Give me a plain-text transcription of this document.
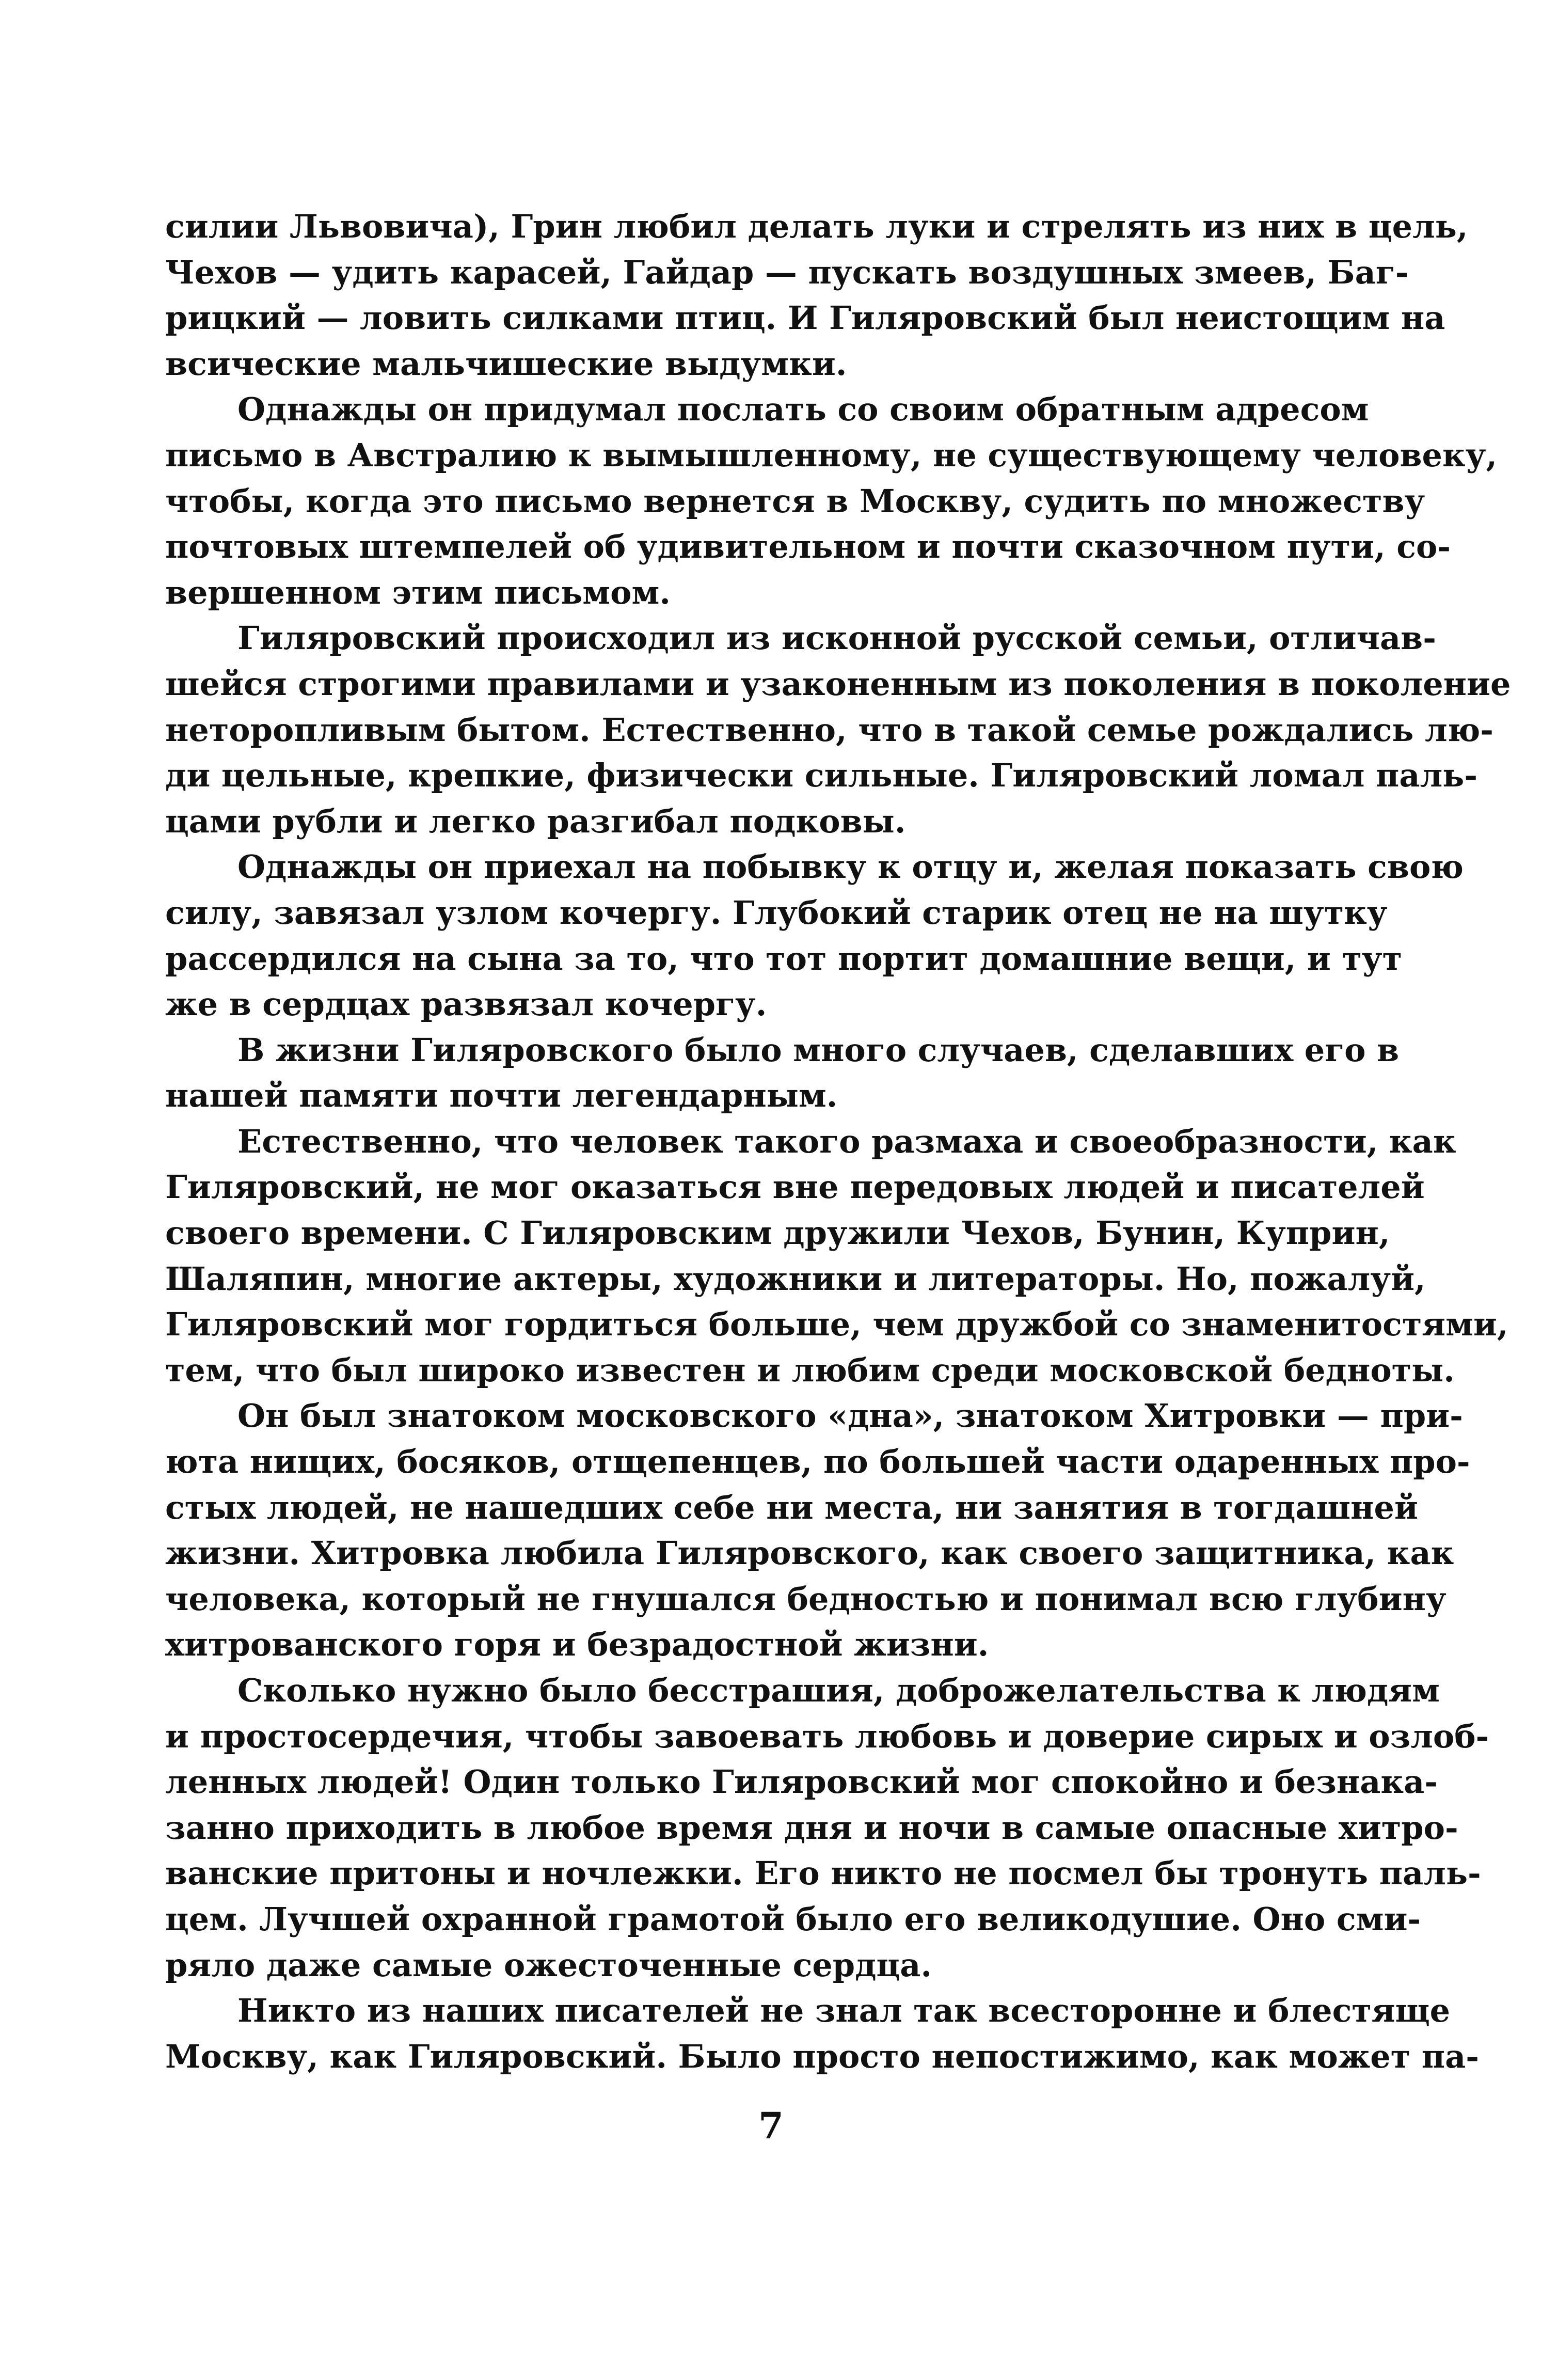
силии Львовича), Грин любил делать луки и стрелять из них в цель,
Чехов — удить карасей, Гайдар — пускать воздушных змеев, Баг-
рицкий — ловить силками птиц. И Гиляровский был неистощим на
всические мальчишеские выдумки.
Однажды он придумал послать со своим обратным адресом
письмо в Австралию к вымышленному, не существующему человеку,
чтобы, когда это письмо вернется в Москву, судить по множеству
почтовых штемпелей об удивительном и почти сказочном пути, со-
вершенном этим письмом.
Гиляровский происходил из исконной русской семьи, отличав-
шейся строгими правилами и узаконенным из поколения в поколение
неторопливым бытом. Естественно, что в такой семье рождались лю-
ди цельные, крепкие, физически сильные. Гиляровский ломал паль-
цами рубли и легко разгибал подковы.
Однажды он приехал на побывку к отцу и, желая показать свою
силу, завязал узлом кочергу. Глубокий старик отец не на шутку
рассердился на сына за то, что тот портит домашние вещи, и тут
же в сердцах развязал кочергу.
В жизни Гиляровского было много случаев, сделавших его в
нашей памяти почти легендарным.
Естественно, что человек такого размаха и своеобразности, как
Гиляровский, не мог оказаться вне передовых людей и писателей
своего времени. С Гиляровским дружили Чехов, Бунин, Куприн,
Шаляпин, многие актеры, художники и литераторы. Но, пожалуй,
Гиляровский мог гордиться больше, чем дружбой со знаменитостями,
тем, что был широко известен и любим среди московской бедноты.
Он был знатоком московского «дна», знатоком Хитровки — при-
юта нищих, босяков, отщепенцев, по большей части одаренных про-
стых людей, не нашедших себе ни места, ни занятия в тогдашней
жизни. Хитровка любила Гиляровского, как своего защитника, как
человека, который не гнушался бедностью и понимал всю глубину
хитрованского горя и безрадостной жизни.
Сколько нужно было бесстрашия, доброжелательства к людям
и простосердечия, чтобы завоевать любовь и доверие сирых и озлоб-
ленных людей! Один только Гиляровский мог спокойно и безнака-
занно приходить в любое время дня и ночи в самые опасные хитро-
ванские притоны и ночлежки. Его никто не посмел бы тронуть паль-
цем. Лучшей охранной грамотой было его великодушие. Оно сми-
ряло даже самые ожесточенные сердца.
Никто из наших писателей не знал так всесторонне и блестяще
Москву, как Гиляровский. Было просто непостижимо, как может па-
7
